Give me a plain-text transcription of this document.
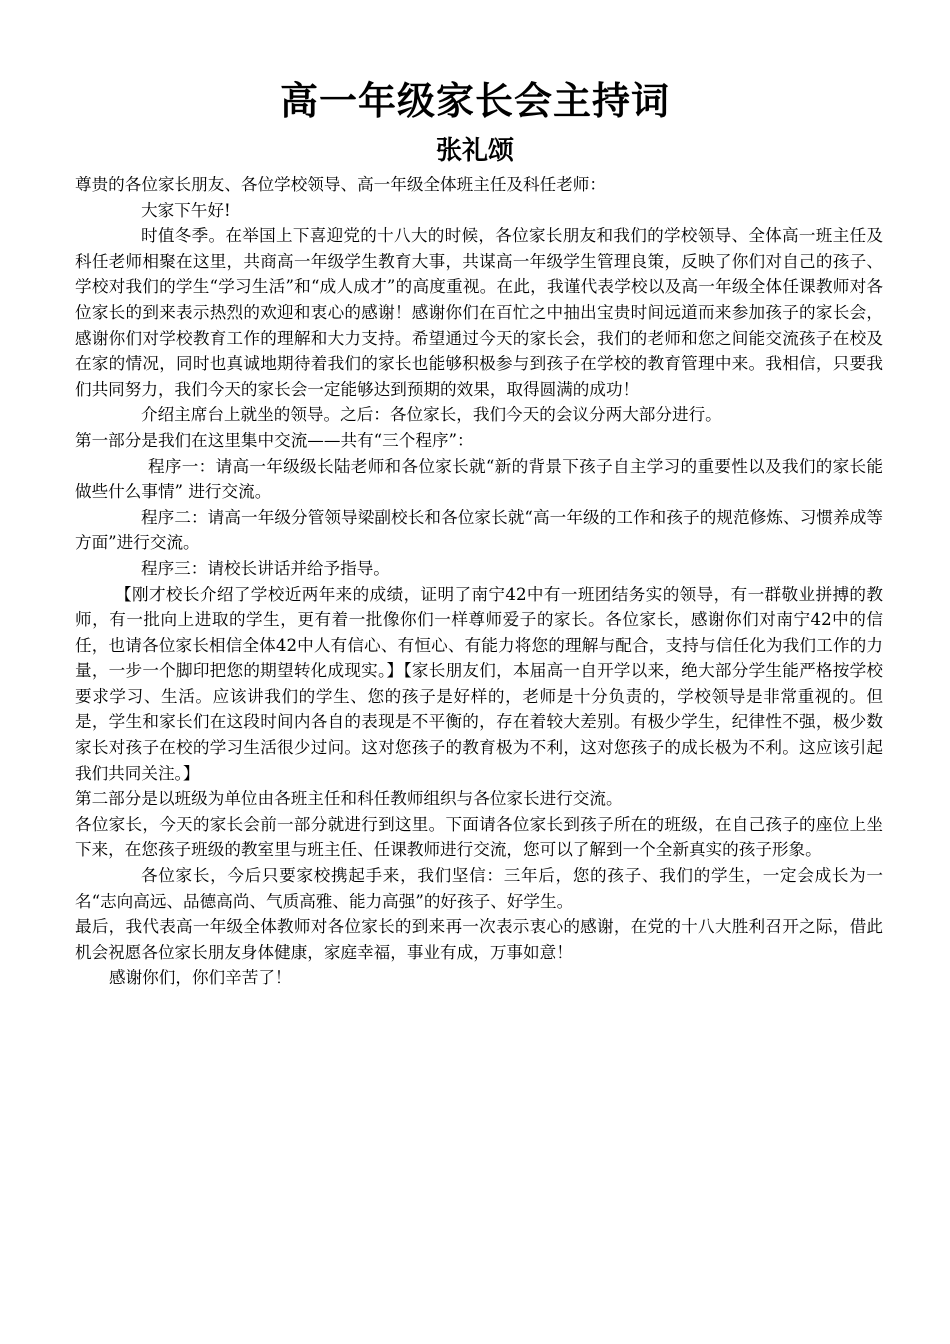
高一年级家长会主持词
张礼颂

尊贵的各位家长朋友、各位学校领导、高一年级全体班主任及科任老师：

大家下午好!

时值冬季。在举国上下喜迎党的十八大的时候，各位家长朋友和我们的学校领导、全体高一班主任及科任老师相聚在这里，共商高一年级学生教育大事，共谋高一年级学生管理良策，反映了你们对自己的孩子、学校对我们的学生“学习生活”和“成人成才”的高度重视。在此，我谨代表学校以及高一年级全体任课教师对各位家长的到来表示热烈的欢迎和衷心的感谢！感谢你们在百忙之中抽出宝贵时间远道而来参加孩子的家长会，感谢你们对学校教育工作的理解和大力支持。希望通过今天的家长会，我们的老师和您之间能交流孩子在校及在家的情况，同时也真诚地期待着我们的家长也能够积极参与到孩子在学校的教育管理中来。我相信，只要我们共同努力，我们今天的家长会一定能够达到预期的效果，取得圆满的成功！

介绍主席台上就坐的领导。之后：各位家长，我们今天的会议分两大部分进行。

第一部分是我们在这里集中交流——共有“三个程序”：

程序一：请高一年级级长陆老师和各位家长就“新的背景下孩子自主学习的重要性以及我们的家长能做些什么事情” 进行交流。

程序二：请高一年级分管领导梁副校长和各位家长就“高一年级的工作和孩子的规范修炼、习惯养成等方面”进行交流。

程序三：请校长讲话并给予指导。

【刚才校长介绍了学校近两年来的成绩，证明了南宁42中有一班团结务实的领导，有一群敬业拼搏的教师，有一批向上进取的学生，更有着一批像你们一样尊师爱子的家长。各位家长，感谢你们对南宁42中的信任，也请各位家长相信全体42中人有信心、有恒心、有能力将您的理解与配合，支持与信任化为我们工作的力量，一步一个脚印把您的期望转化成现实。】【家长朋友们，本届高一自开学以来，绝大部分学生能严格按学校要求学习、生活。应该讲我们的学生、您的孩子是好样的，老师是十分负责的，学校领导是非常重视的。但是，学生和家长们在这段时间内各自的表现是不平衡的，存在着较大差别。有极少学生，纪律性不强，极少数家长对孩子在校的学习生活很少过问。这对您孩子的教育极为不利，这对您孩子的成长极为不利。这应该引起我们共同关注。】

第二部分是以班级为单位由各班主任和科任教师组织与各位家长进行交流。

各位家长，今天的家长会前一部分就进行到这里。下面请各位家长到孩子所在的班级，在自己孩子的座位上坐下来，在您孩子班级的教室里与班主任、任课教师进行交流，您可以了解到一个全新真实的孩子形象。

各位家长，今后只要家校携起手来，我们坚信：三年后，您的孩子、我们的学生，一定会成长为一名“志向高远、品德高尚、气质高雅、能力高强”的好孩子、好学生。

最后，我代表高一年级全体教师对各位家长的到来再一次表示衷心的感谢，在党的十八大胜利召开之际，借此机会祝愿各位家长朋友身体健康，家庭幸福，事业有成，万事如意！

感谢你们，你们辛苦了！
